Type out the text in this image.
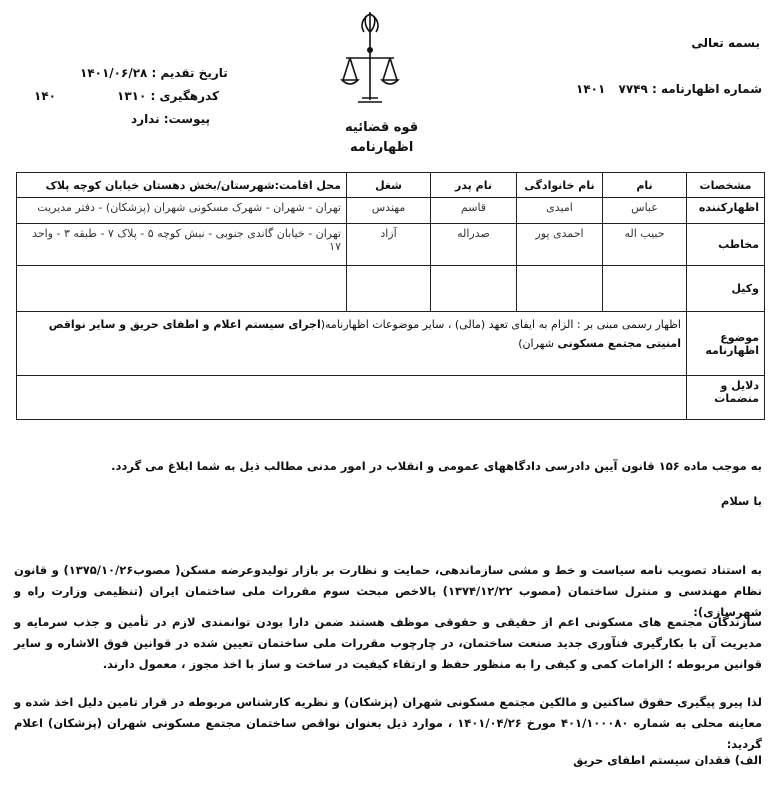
بسمه تعالی
شماره اظهارنامه : ۷۷۴۹
۱۴۰۱
تاریخ تقدیم : ۱۴۰۱/۰۶/۲۸
کدرهگیری : ۱۳۱۰
۱۴۰
پیوست: ندارد
قوه قضائیه
اظهارنامه
مشخصات	نام	نام خانوادگی	نام پدر	شغل	محل اقامت:شهرستان/بخش دهستان خیابان کوچه پلاک
اظهارکننده	عباس	امیدی	قاسم	مهندس	تهران - شهران - شهرک مسکونی شهران (پزشکان) - دفتر مدیریت
مخاطب	حبیب اله	احمدی پور	صدراله	آزاد	تهران - خیابان گاندی جنوبی - نبش کوچه ۵ - پلاک ۷ - طبقه ۳ - واحد ۱۷
وکیل					
موضوع اظهارنامه	اظهار رسمی مبنی بر : الزام به ایفای تعهد (مالی) ، سایر موضوعات اظهارنامه(اجرای سیستم اعلام و اطفای حریق و سایر نواقص امنیتی مجتمع مسکونی شهران)				
دلایل و منضمات					
به موجب ماده ۱۵۶ قانون آیین دادرسی دادگاههای عمومی و انقلاب در امور مدنی مطالب ذیل به شما ابلاغ می گردد.
با سلام
به استناد تصویب نامه سیاست و خط و مشی سازماندهی، حمایت و نظارت بر بازار تولیدوعرضه مسکن( مصوب۱۳۷۵/۱۰/۲۶) و قانون نظام مهندسی و منترل ساختمان (مصوب ۱۳۷۴/۱۲/۲۲) بالاخص مبحث سوم مقررات ملی ساختمان ایران (تنظیمی وزارت راه و شهرسازی):
سازندگان مجتمع های مسکونی اعم از حقیقی و حقوقی موظف هستند ضمن دارا بودن توانمندی لازم در تأمین و جذب سرمایه و مدیریت آن با بکارگیری فنآوری جدید صنعت ساختمان، در چارچوب مقررات ملی ساختمان تعیین شده در قوانین فوق الاشاره و سایر قوانین مربوطه ؛ الزامات کمی و کیفی را به منظور حفظ و ارتقاء کیفیت در ساخت و ساز با اخذ مجوز ، معمول دارند.
لذا پیرو پیگیری حقوق ساکنین و مالکین مجتمع مسکونی شهران (پزشکان) و نظریه کارشناس مربوطه در قرار تامین دلیل اخذ شده و معاینه محلی به شماره ۴۰۱/۱۰۰۰۸۰ مورخ ۱۴۰۱/۰۴/۲۶ ، موارد ذیل بعنوان نواقص ساختمان مجتمع مسکونی شهران (پزشکان) اعلام گردید:
الف) فقدان سیستم اطفای حریق
